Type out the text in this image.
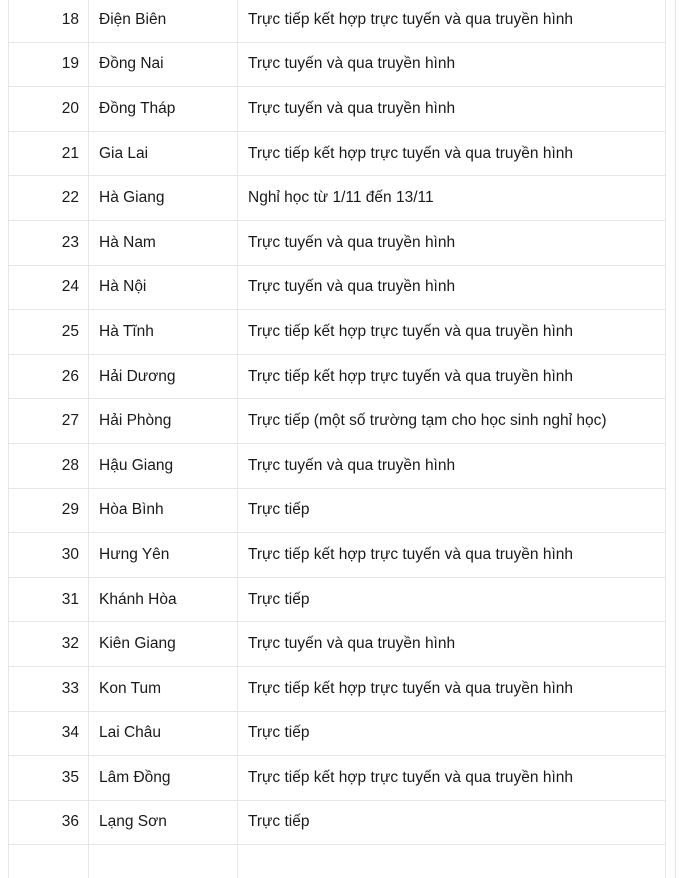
18	Điện Biên	Trực tiếp kết hợp trực tuyến và qua truyền hình
19	Đồng Nai	Trực tuyến và qua truyền hình
20	Đồng Tháp	Trực tuyến và qua truyền hình
21	Gia Lai	Trực tiếp kết hợp trực tuyến và qua truyền hình
22	Hà Giang	Nghỉ học từ 1/11 đến 13/11
23	Hà Nam	Trực tuyến và qua truyền hình
24	Hà Nội	Trực tuyến và qua truyền hình
25	Hà Tĩnh	Trực tiếp kết hợp trực tuyến và qua truyền hình
26	Hải Dương	Trực tiếp kết hợp trực tuyến và qua truyền hình
27	Hải Phòng	Trực tiếp (một số trường tạm cho học sinh nghỉ học)
28	Hậu Giang	Trực tuyến và qua truyền hình
29	Hòa Bình	Trực tiếp
30	Hưng Yên	Trực tiếp kết hợp trực tuyến và qua truyền hình
31	Khánh Hòa	Trực tiếp
32	Kiên Giang	Trực tuyến và qua truyền hình
33	Kon Tum	Trực tiếp kết hợp trực tuyến và qua truyền hình
34	Lai Châu	Trực tiếp
35	Lâm Đồng	Trực tiếp kết hợp trực tuyến và qua truyền hình
36	Lạng Sơn	Trực tiếp
